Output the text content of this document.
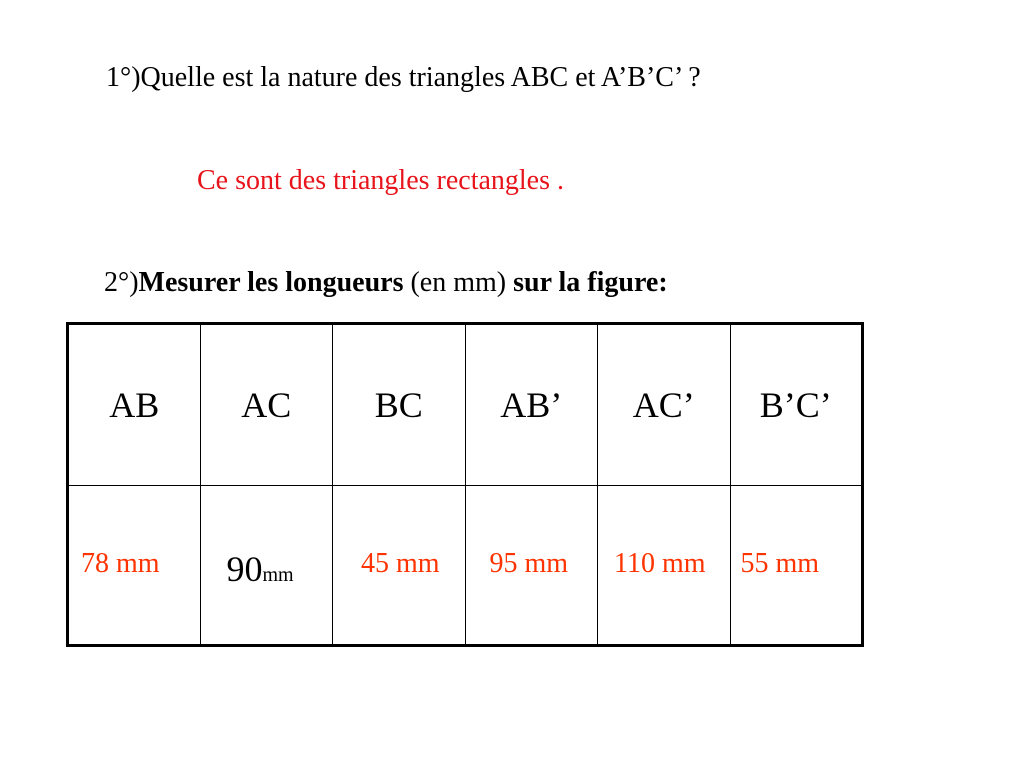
1°)Quelle est la nature des triangles ABC et A’B’C’ ?

Ce sont des triangles rectangles .

2°)Mesurer les longueurs (en mm) sur la figure:

AB	AC	BC	AB’	AC’	B’C’

78 mm	90mm	45 mm	95 mm	110 mm	55 mm
